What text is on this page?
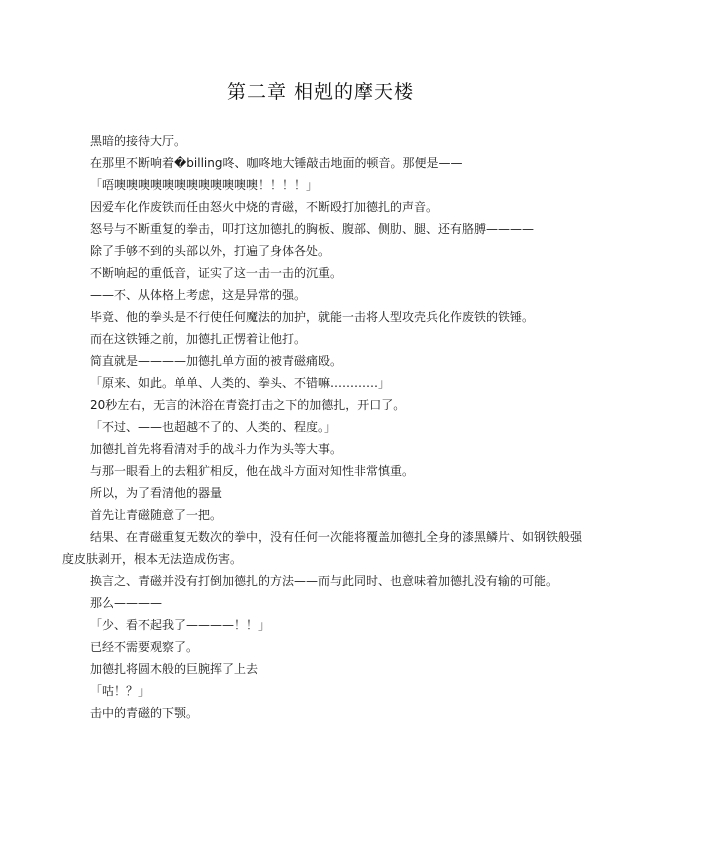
第二章 相剋的摩天楼

黑暗的接待大厅。

在那里不断响着�billing咚、咖咚地大锤敲击地面的顿音。那便是——

「唔噢噢噢噢噢噢噢噢噢噢噢噢！！！！」

因爱车化作废铁而任由怒火中烧的青磁，不断殴打加德扎的声音。

怒号与不断重复的拳击，叩打这加德扎的胸板、腹部、侧肋、腿、还有胳膊————

除了手够不到的头部以外，打遍了身体各处。

不断响起的重低音，证实了这一击一击的沉重。

——不、从体格上考虑，这是异常的强。

毕竟、他的拳头是不行使任何魔法的加护，就能一击将人型攻壳兵化作废铁的铁锤。

而在这铁锤之前，加德扎正愣着让他打。

简直就是————加德扎单方面的被青磁痛殴。

「原来、如此。单单、人类的、拳头、不错嘛…………」

20秒左右，无言的沐浴在青瓷打击之下的加德扎，开口了。

「不过、——也超越不了的、人类的、程度。」

加德扎首先将看清对手的战斗力作为头等大事。

与那一眼看上的去粗犷相反，他在战斗方面对知性非常慎重。

所以，为了看清他的器量

首先让青磁随意了一把。

结果、在青磁重复无数次的拳中，没有任何一次能将覆盖加德扎全身的漆黑鳞片、如钢铁般强度皮肤剥开，根本无法造成伤害。

换言之、青磁并没有打倒加德扎的方法——而与此同时、也意味着加德扎没有输的可能。

那么————

「少、看不起我了————！！」

已经不需要观察了。

加德扎将圆木般的巨腕挥了上去

「咕！？」

击中的青磁的下颚。
